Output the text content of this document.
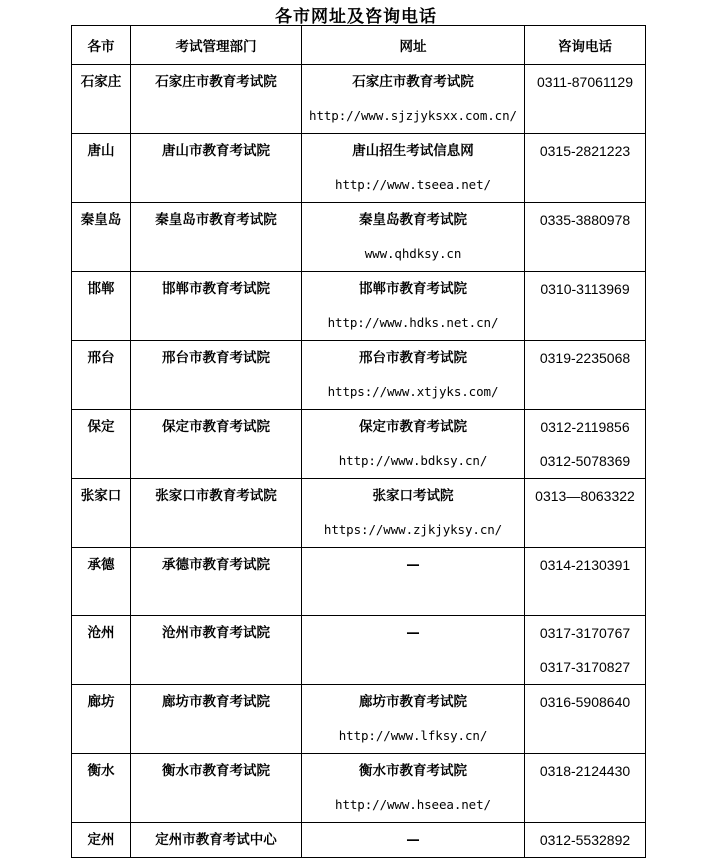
各市网址及咨询电话
各市	考试管理部门	网址	咨询电话

石家庄	石家庄市教育考试院	石家庄市教育考试院
http://www.sjzjyksxx.com.cn/	0311-87061129

唐山	唐山市教育考试院	唐山招生考试信息网
http://www.tseea.net/	0315-2821223

秦皇岛	秦皇岛市教育考试院	秦皇岛教育考试院
www.qhdksy.cn	0335-3880978

邯郸	邯郸市教育考试院	邯郸市教育考试院
http://www.hdks.net.cn/	0310-3113969

邢台	邢台市教育考试院	邢台市教育考试院
https://www.xtjyks.com/	0319-2235068

保定	保定市教育考试院	保定市教育考试院
http://www.bdksy.cn/	0312-2119856
0312-5078369

张家口	张家口市教育考试院	张家口考试院
https://www.zjkjyksy.cn/	0313—8063322

承德	承德市教育考试院	—	0314-2130391

沧州	沧州市教育考试院	—	0317-3170767
0317-3170827

廊坊	廊坊市教育考试院	廊坊市教育考试院
http://www.lfksy.cn/	0316-5908640

衡水	衡水市教育考试院	衡水市教育考试院
http://www.hseea.net/	0318-2124430

定州	定州市教育考试中心	—	0312-5532892
